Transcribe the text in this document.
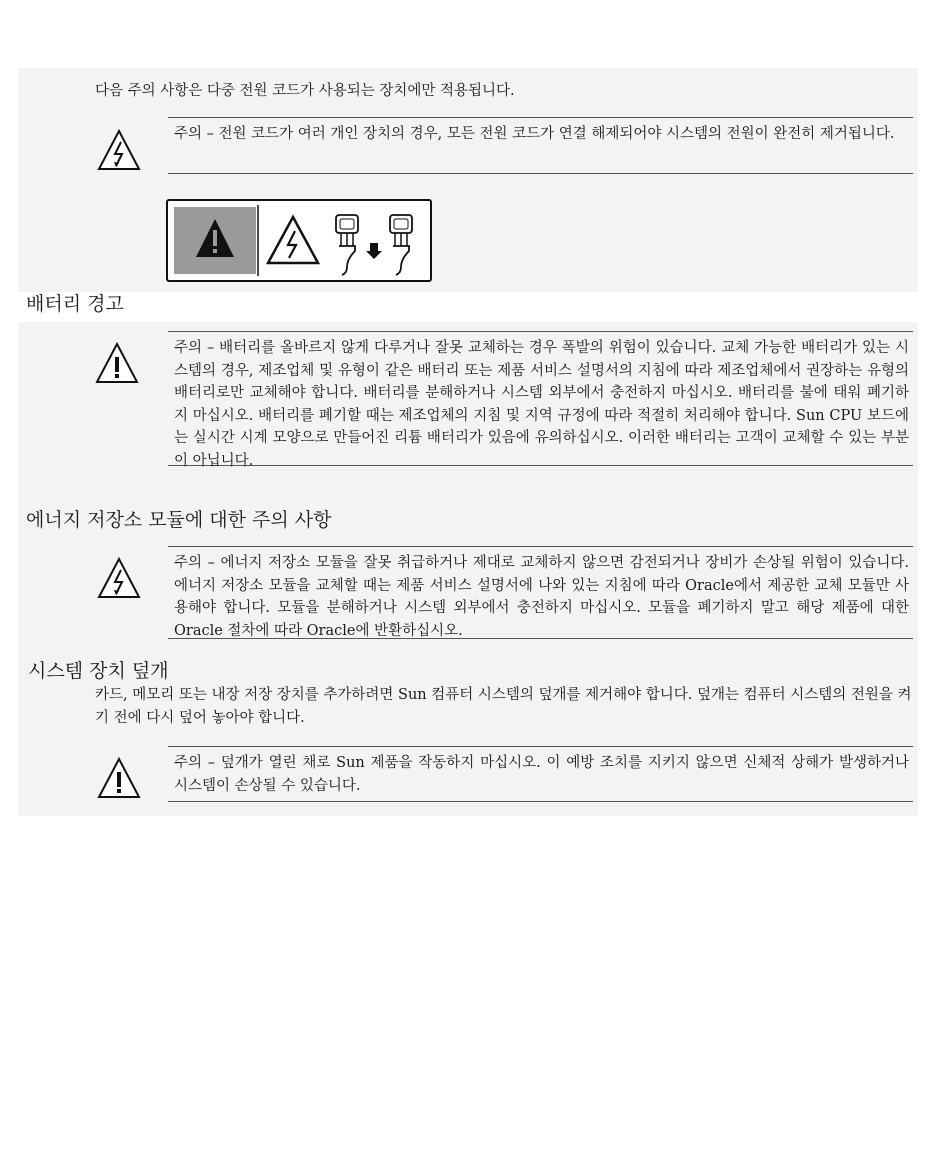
다음 주의 사항은 다중 전원 코드가 사용되는 장치에만 적용됩니다.
주의 – 전원 코드가 여러 개인 장치의 경우, 모든 전원 코드가 연결 해제되어야 시스템의 전원이 완전히 제거됩니다.
배터리 경고
주의 – 배터리를 올바르지 않게 다루거나 잘못 교체하는 경우 폭발의 위험이 있습니다. 교체 가능한 배터리가 있는 시스템의 경우, 제조업체 및 유형이 같은 배터리 또는 제품 서비스 설명서의 지침에 따라 제조업체에서 권장하는 유형의 배터리로만 교체해야 합니다. 배터리를 분해하거나 시스템 외부에서 충전하지 마십시오. 배터리를 불에 태워 폐기하지 마십시오. 배터리를 폐기할 때는 제조업체의 지침 및 지역 규정에 따라 적절히 처리해야 합니다. Sun CPU 보드에는 실시간 시계 모양으로 만들어진 리튬 배터리가 있음에 유의하십시오. 이러한 배터리는 고객이 교체할 수 있는 부분이 아닙니다.
에너지 저장소 모듈에 대한 주의 사항
주의 – 에너지 저장소 모듈을 잘못 취급하거나 제대로 교체하지 않으면 감전되거나 장비가 손상될 위험이 있습니다. 에너지 저장소 모듈을 교체할 때는 제품 서비스 설명서에 나와 있는 지침에 따라 Oracle에서 제공한 교체 모듈만 사용해야 합니다. 모듈을 분해하거나 시스템 외부에서 충전하지 마십시오. 모듈을 폐기하지 말고 해당 제품에 대한 Oracle 절차에 따라 Oracle에 반환하십시오.
시스템 장치 덮개
카드, 메모리 또는 내장 저장 장치를 추가하려면 Sun 컴퓨터 시스템의 덮개를 제거해야 합니다. 덮개는 컴퓨터 시스템의 전원을 켜기 전에 다시 덮어 놓아야 합니다.
주의 – 덮개가 열린 채로 Sun 제품을 작동하지 마십시오. 이 예방 조치를 지키지 않으면 신체적 상해가 발생하거나 시스템이 손상될 수 있습니다.
